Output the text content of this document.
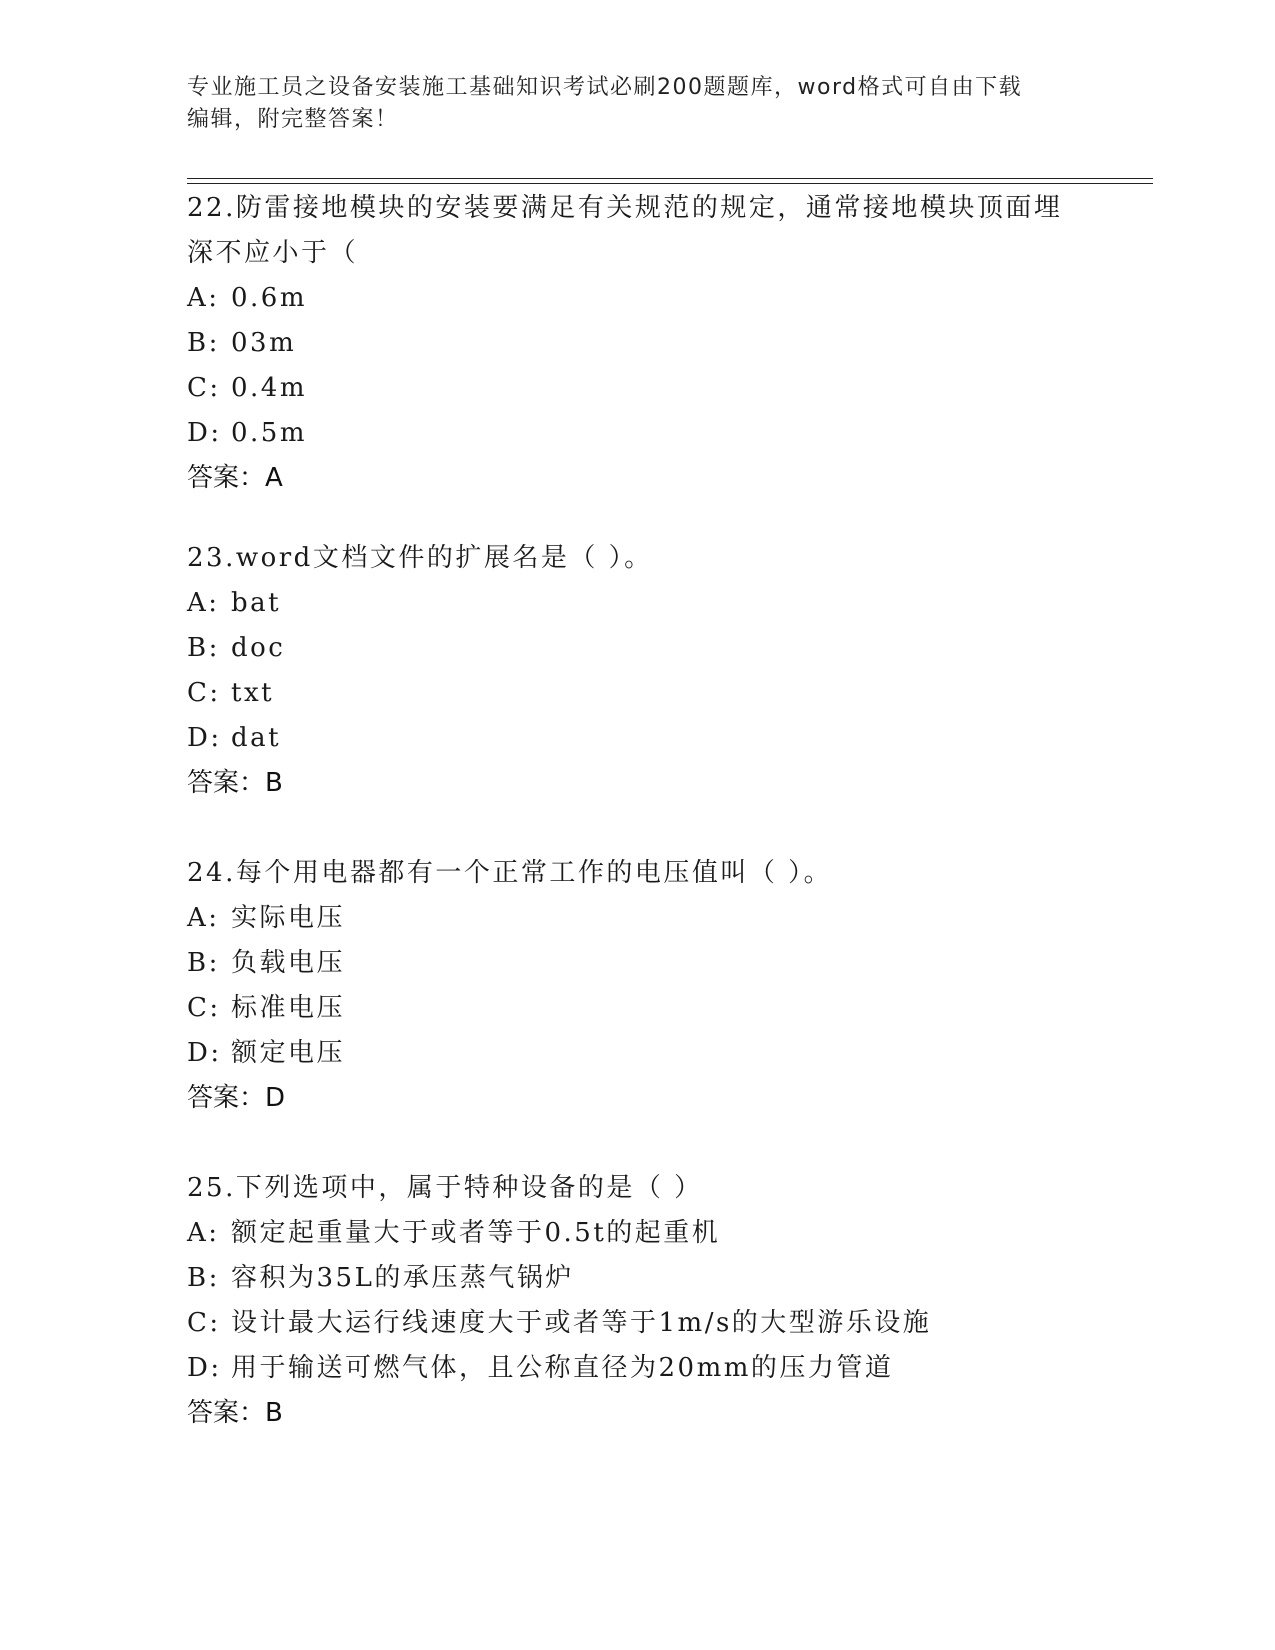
专业施工员之设备安装施工基础知识考试必刷200题题库，word格式可自由下载
编辑，附完整答案！
22.防雷接地模块的安装要满足有关规范的规定，通常接地模块顶面埋
深不应小于（
A: 0.6m
B: 03m
C: 0.4m
D: 0.5m
答案：A
23.word文档文件的扩展名是（ ）。
A: bat
B: doc
C: txt
D: dat
答案：B
24.每个用电器都有一个正常工作的电压值叫（ ）。
A: 实际电压
B: 负载电压
C: 标准电压
D: 额定电压
答案：D
25.下列选项中，属于特种设备的是（ ）
A: 额定起重量大于或者等于0.5t的起重机
B: 容积为35L的承压蒸气锅炉
C: 设计最大运行线速度大于或者等于1m/s的大型游乐设施
D: 用于输送可燃气体，且公称直径为20mm的压力管道
答案：B
